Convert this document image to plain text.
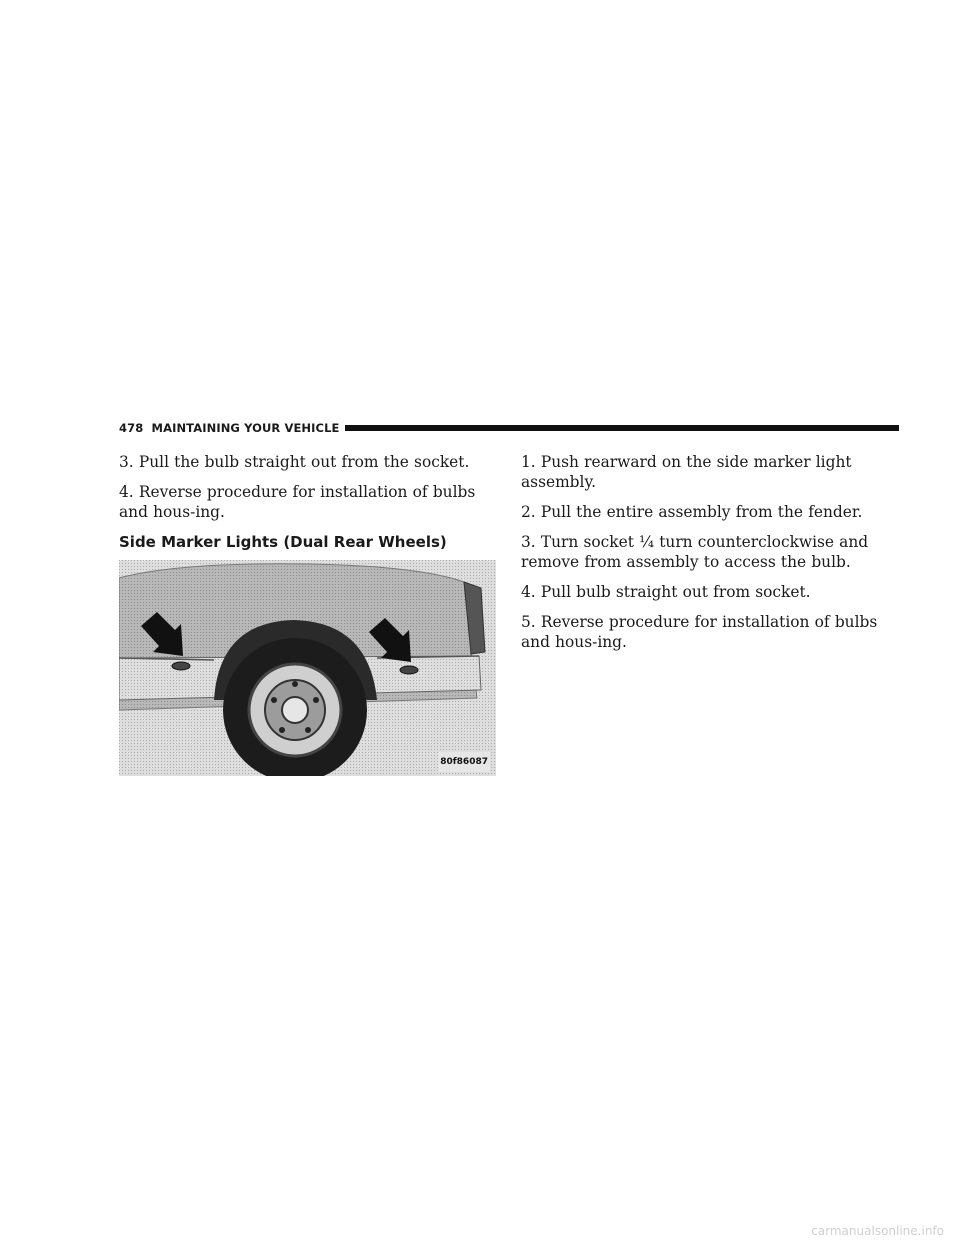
478 MAINTAINING YOUR VEHICLE

3. Pull the bulb straight out from the socket.

4. Reverse procedure for installation of bulbs and hous-ing.

Side Marker Lights (Dual Rear Wheels)
80f86087

1. Push rearward on the side marker light assembly.

2. Pull the entire assembly from the fender.

3. Turn socket ¼ turn counterclockwise and remove from assembly to access the bulb.

4. Pull bulb straight out from socket.

5. Reverse procedure for installation of bulbs and hous-ing.

carmanualsonline.info
